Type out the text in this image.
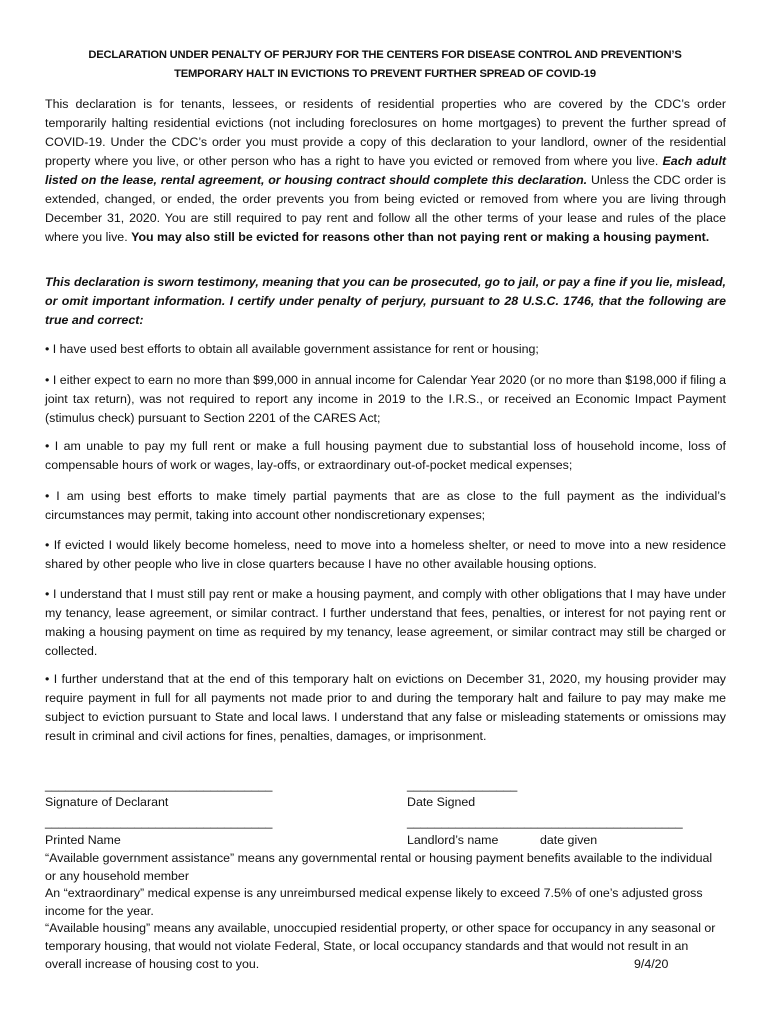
DECLARATION UNDER PENALTY OF PERJURY FOR THE CENTERS FOR DISEASE CONTROL AND PREVENTION’S
TEMPORARY HALT IN EVICTIONS TO PREVENT FURTHER SPREAD OF COVID-19
This declaration is for tenants, lessees, or residents of residential properties who are covered by the CDC’s order temporarily halting residential evictions (not including foreclosures on home mortgages) to prevent the further spread of COVID-19. Under the CDC’s order you must provide a copy of this declaration to your landlord, owner of the residential property where you live, or other person who has a right to have you evicted or removed from where you live. Each adult listed on the lease, rental agreement, or housing contract should complete this declaration. Unless the CDC order is extended, changed, or ended, the order prevents you from being evicted or removed from where you are living through December 31, 2020. You are still required to pay rent and follow all the other terms of your lease and rules of the place where you live. You may also still be evicted for reasons other than not paying rent or making a housing payment.
This declaration is sworn testimony, meaning that you can be prosecuted, go to jail, or pay a fine if you lie, mislead, or omit important information. I certify under penalty of perjury, pursuant to 28 U.S.C. 1746, that the following are true and correct:
• I have used best efforts to obtain all available government assistance for rent or housing;
• I either expect to earn no more than $99,000 in annual income for Calendar Year 2020 (or no more than $198,000 if filing a joint tax return), was not required to report any income in 2019 to the I.R.S., or received an Economic Impact Payment (stimulus check) pursuant to Section 2201 of the CARES Act;
• I am unable to pay my full rent or make a full housing payment due to substantial loss of household income, loss of compensable hours of work or wages, lay-offs, or extraordinary out-of-pocket medical expenses;
• I am using best efforts to make timely partial payments that are as close to the full payment as the individual’s circumstances may permit, taking into account other nondiscretionary expenses;
• If evicted I would likely become homeless, need to move into a homeless shelter, or need to move into a new residence shared by other people who live in close quarters because I have no other available housing options.
• I understand that I must still pay rent or make a housing payment, and comply with other obligations that I may have under my tenancy, lease agreement, or similar contract. I further understand that fees, penalties, or interest for not paying rent or making a housing payment on time as required by my tenancy, lease agreement, or similar contract may still be charged or collected.
• I further understand that at the end of this temporary halt on evictions on December 31, 2020, my housing provider may require payment in full for all payments not made prior to and during the temporary halt and failure to pay may make me subject to eviction pursuant to State and local laws. I understand that any false or misleading statements or omissions may result in criminal and civil actions for fines, penalties, damages, or imprisonment.
_________________________________	________________
Signature of Declarant	Date Signed
_________________________________	________________________________________
Printed Name	Landlord’s name	date given
“Available government assistance” means any governmental rental or housing payment benefits available to the individual or any household member
An “extraordinary” medical expense is any unreimbursed medical expense likely to exceed 7.5% of one’s adjusted gross income for the year.
“Available housing” means any available, unoccupied residential property, or other space for occupancy in any seasonal or temporary housing, that would not violate Federal, State, or local occupancy standards and that would not result in an overall increase of housing cost to you.	9/4/20
